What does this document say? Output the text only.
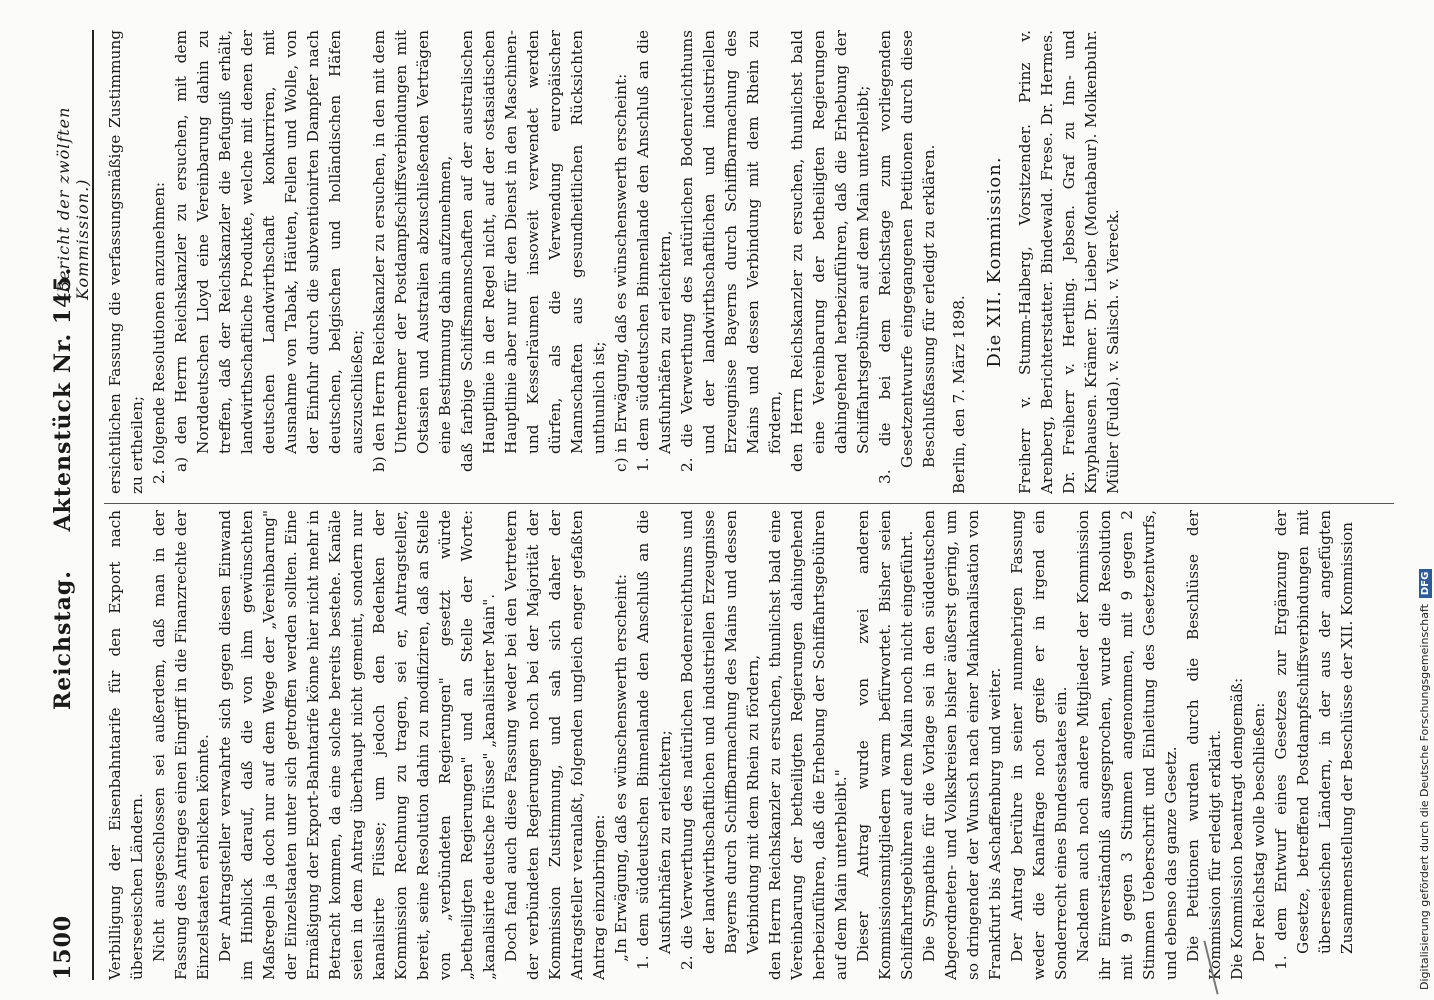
1500
Reichstag. Aktenstück Nr. 145.
(Bericht der zwölften Kommission.)

Verbilligung der Eisenbahntarife für den Export nach überseeischen Ländern. Nicht ausgeschlossen sei außerdem, daß man in der Fassung des Antrages einen Eingriff in die Finanzrechte der Einzelstaaten erblicken könnte. Der Antragsteller verwahrte sich gegen diesen Einwand im Hinblick darauf, daß die von ihm gewünschten Maßregeln ja doch nur auf dem Wege der „Vereinbarung" der Einzelstaaten unter sich getroffen werden sollten. Eine Ermäßigung der Export-Bahntarife könne hier nicht mehr in Betracht kommen, da eine solche bereits bestehe. Kanäle seien in dem Antrag überhaupt nicht gemeint, sondern nur kanalisirte Flüsse; um jedoch den Bedenken der Kommission Rechnung zu tragen, sei er, Antragsteller, bereit, seine Resolution dahin zu modifiziren, daß an Stelle von „verbündeten Regierungen" gesetzt würde „betheiligten Regierungen" und an Stelle der Worte: „kanalisirte deutsche Flüsse" „kanalisirter Main". Doch fand auch diese Fassung weder bei den Vertretern der verbündeten Regierungen noch bei der Majorität der Kommission Zustimmung, und sah sich daher der Antragsteller veranlaßt, folgenden ungleich enger gefaßten Antrag einzubringen: „In Erwägung, daß es wünschenswerth erscheint: 1. dem süddeutschen Binnenlande den Anschluß an die Ausfuhrhäfen zu erleichtern; 2. die Verwerthung des natürlichen Bodenreichthums und der landwirthschaftlichen und industriellen Erzeugnisse Bayerns durch Schiffbarmachung des Mains und dessen Verbindung mit dem Rhein zu fördern, den Herrn Reichskanzler zu ersuchen, thunlichst bald eine Vereinbarung der betheiligten Regierungen dahingehend herbeizuführen, daß die Erhebung der Schiffahrtsgebühren auf dem Main unterbleibt." Dieser Antrag wurde von zwei anderen Kommissionsmitgliedern warm befürwortet. Bisher seien Schiffahrtsgebühren auf dem Main noch nicht eingeführt. Die Sympathie für die Vorlage sei in den süddeutschen Abgeordneten- und Volkskreisen bisher äußerst gering, um so dringender der Wunsch nach einer Mainkanalisation von Frankfurt bis Aschaffenburg und weiter. Der Antrag berühre in seiner nunmehrigen Fassung weder die Kanalfrage noch greife er in irgend ein Sonderrecht eines Bundesstaates ein. Nachdem auch noch andere Mitglieder der Kommission ihr Einverständniß ausgesprochen, wurde die Resolution mit 9 gegen 3 Stimmen angenommen, mit 9 gegen 2 Stimmen Ueberschrift und Einleitung des Gesetzentwurfs, und ebenso das ganze Gesetz. Die Petitionen wurden durch die Beschlüsse der Kommission für erledigt erklärt. Die Kommission beantragt demgemäß: Der Reichstag wolle beschließen: 1. dem Entwurf eines Gesetzes zur Ergänzung der Gesetze, betreffend Postdampfschiffsverbindungen mit überseeischen Ländern, in der aus der angefügten Zusammenstellung der Beschlüsse der XII. Kommission

ersichtlichen Fassung die verfassungsmäßige Zustimmung zu ertheilen; 2. folgende Resolutionen anzunehmen: a) den Herrn Reichskanzler zu ersuchen, mit dem Norddeutschen Lloyd eine Vereinbarung dahin zu treffen, daß der Reichskanzler die Befugniß erhält, landwirthschaftliche Produkte, welche mit denen der deutschen Landwirthschaft konkurriren, mit Ausnahme von Tabak, Häuten, Fellen und Wolle, von der Einfuhr durch die subventionirten Dampfer nach deutschen, belgischen und holländischen Häfen auszuschließen; b) den Herrn Reichskanzler zu ersuchen, in den mit dem Unternehmer der Postdampfschiffsverbindungen mit Ostasien und Australien abzuschließenden Verträgen eine Bestimmung dahin aufzunehmen, daß farbige Schiffsmannschaften auf der australischen Hauptlinie in der Regel nicht, auf der ostasiatischen Hauptlinie aber nur für den Dienst in den Maschinen- und Kesselräumen insoweit verwendet werden dürfen, als die Verwendung europäischer Mannschaften aus gesundheitlichen Rücksichten unthunlich ist; c) in Erwägung, daß es wünschenswerth erscheint: 1. dem süddeutschen Binnenlande den Anschluß an die Ausfuhrhäfen zu erleichtern, 2. die Verwerthung des natürlichen Bodenreichthums und der landwirthschaftlichen und industriellen Erzeugnisse Bayerns durch Schiffbarmachung des Mains und dessen Verbindung mit dem Rhein zu fördern, den Herrn Reichskanzler zu ersuchen, thunlichst bald eine Vereinbarung der betheiligten Regierungen dahingehend herbeizuführen, daß die Erhebung der Schiffahrtsgebühren auf dem Main unterbleibt; 3. die bei dem Reichstage zum vorliegenden Gesetzentwurfe eingegangenen Petitionen durch diese Beschlußfassung für erledigt zu erklären. Berlin, den 7. März 1898.

Die XII. Kommission. Freiherr v. Stumm-Halberg, Vorsitzender. Prinz v. Arenberg, Berichterstatter. Bindewald. Frese. Dr. Hermes. Dr. Freiherr v. Hertling. Jebsen. Graf zu Inn- und Knyphausen. Krämer. Dr. Lieber (Montabaur). Molkenbuhr. Müller (Fulda). v. Salisch. v. Viereck.

Digitalisierung gefördert durch die Deutsche ForschungsgemeinschaftDFG
